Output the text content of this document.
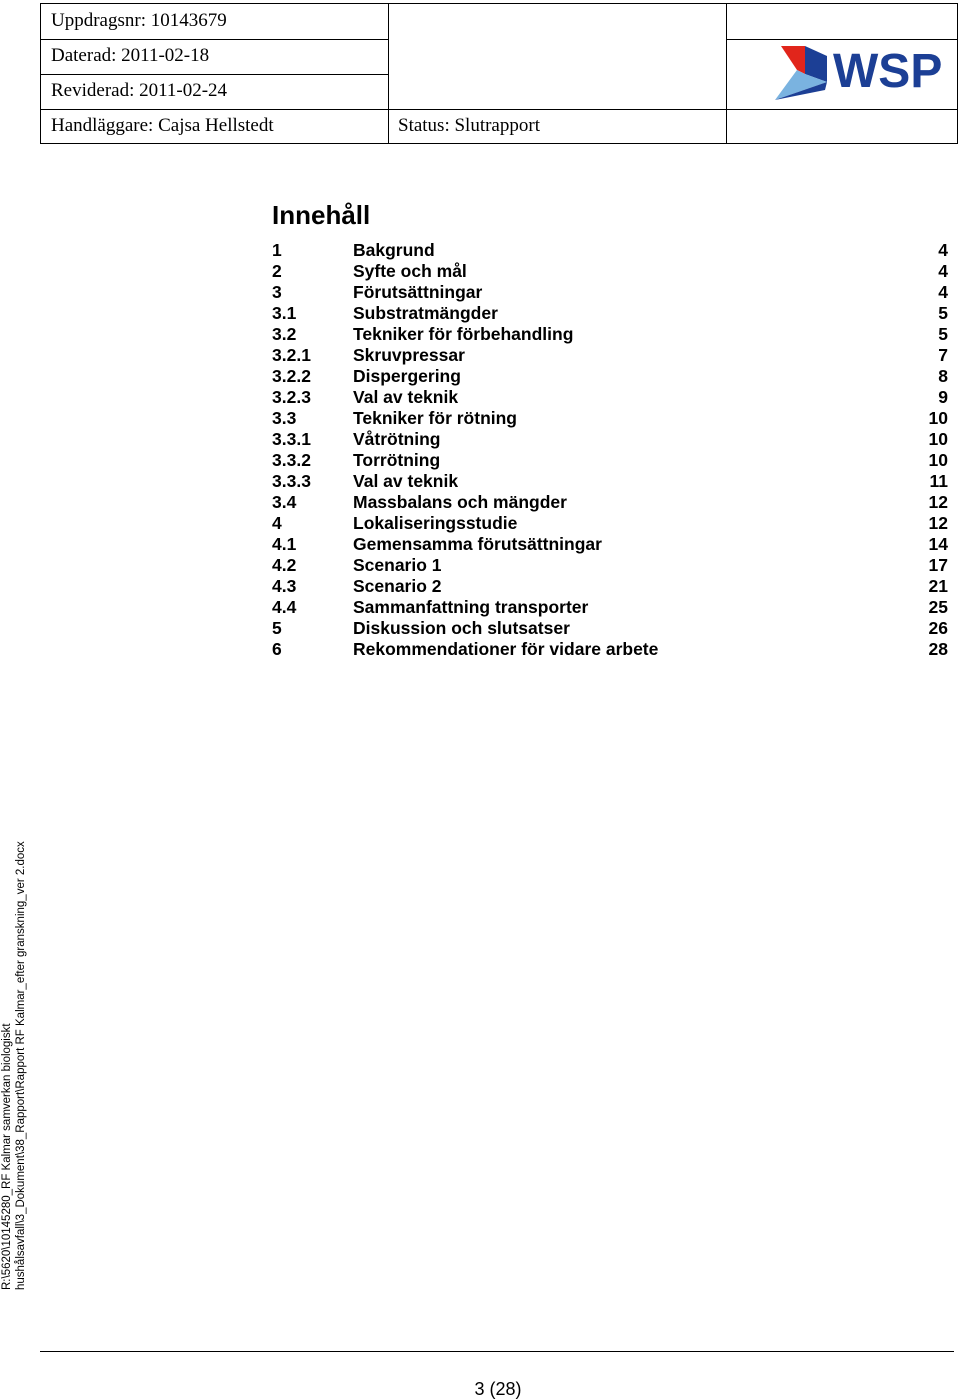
Uppdragsnr: 10143679
Daterad: 2011-02-18
Reviderad: 2011-02-24
Handläggare: Cajsa Hellstedt	Status: Slutrapport
WSP
Innehåll
1	Bakgrund	4
2	Syfte och mål	4
3	Förutsättningar	4
3.1	Substratmängder	5
3.2	Tekniker för förbehandling	5
3.2.1 Skruvpressar	7
3.2.2 Dispergering	8
3.2.3 Val av teknik	9
3.3	Tekniker för rötning	10
3.3.1 Våtrötning	10
3.3.2 Torrötning	10
3.3.3 Val av teknik	11
3.4	Massbalans och mängder	12
4	Lokaliseringsstudie	12
4.1	Gemensamma förutsättningar	14
4.2	Scenario 1	17
4.3	Scenario 2	21
4.4	Sammanfattning transporter	25
5	Diskussion och slutsatser	26
6	Rekommendationer för vidare arbete	28
R:\5620\10145280_RF Kalmar samverkan biologiskt hushålsavfall\3_Dokument\38_Rapport\Rapport RF Kalmar_efter granskning_ver 2.docx
3 (28)
